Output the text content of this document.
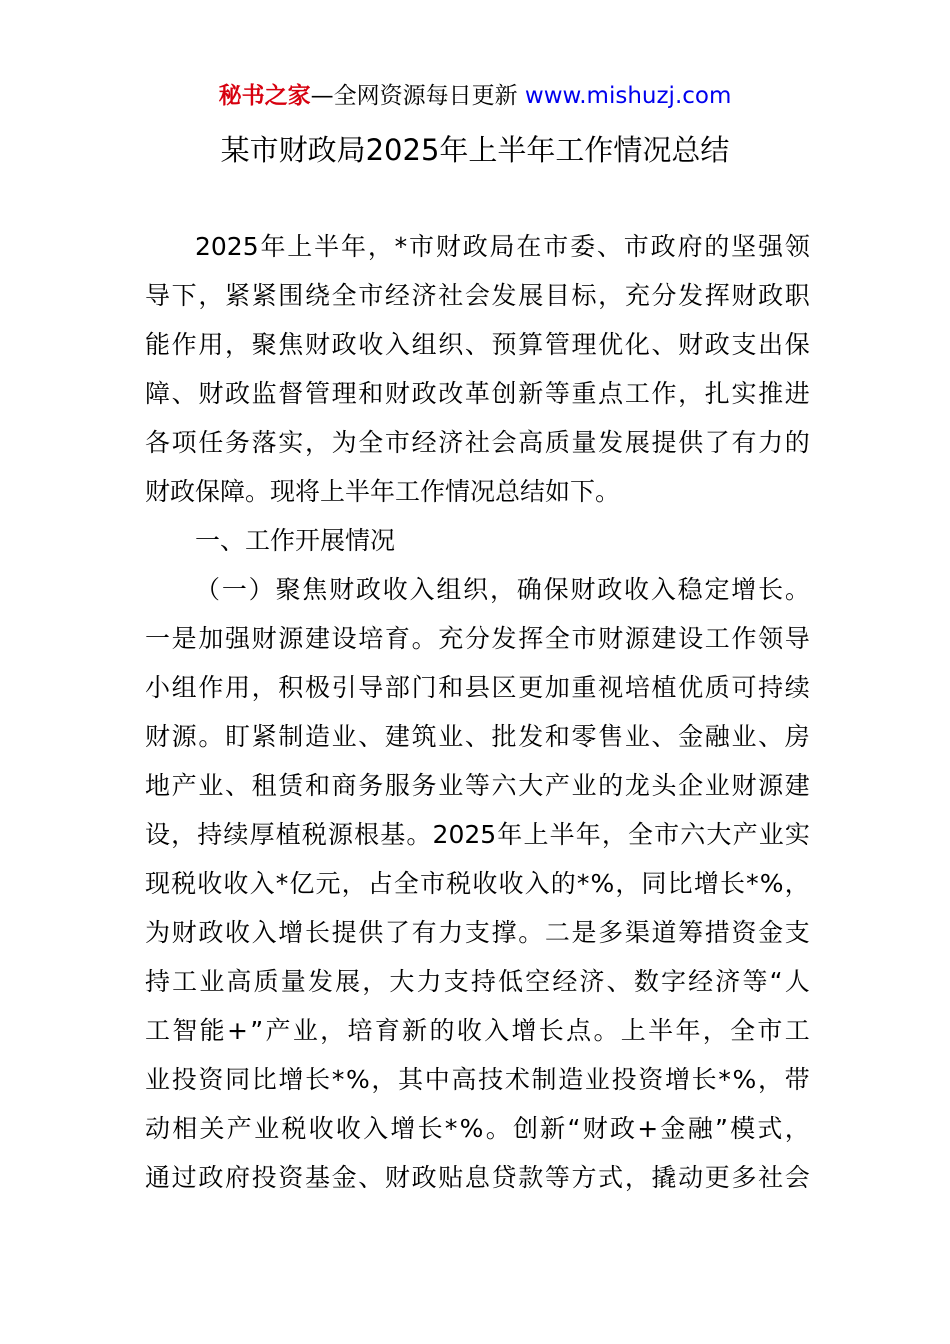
秘书之家—全网资源每日更新 www.mishuzj.com
某市财政局2025年上半年工作情况总结
2025 年 上 半 年 ， * 市 财 政 局 在 市 委 、 市 政 府 的 坚 强 领
导 下 ， 紧 紧 围 绕 全 市 经 济 社 会 发 展 目 标 ， 充 分 发 挥 财 政 职
能 作 用 ， 聚 焦 财 政 收 入 组 织 、 预 算 管 理 优 化 、 财 政 支 出 保
障 、 财 政 监 督 管 理 和 财 政 改 革 创 新 等 重 点 工 作 ， 扎 实 推 进
各 项 任 务 落 实 ， 为 全 市 经 济 社 会 高 质 量 发 展 提 供 了 有 力 的
财政保障。现将上半年工作情况总结如下。
一、工作开展情况
（ 一 ） 聚 焦 财 政 收 入 组 织 ， 确 保 财 政 收 入 稳 定 增 长 。
一 是 加 强 财 源 建 设 培 育 。 充 分 发 挥 全 市 财 源 建 设 工 作 领 导
小 组 作 用 ， 积 极 引 导 部 门 和 县 区 更 加 重 视 培 植 优 质 可 持 续
财 源 。 盯 紧 制 造 业 、 建 筑 业 、 批 发 和 零 售 业 、 金 融 业 、 房
地 产 业 、 租 赁 和 商 务 服 务 业 等 六 大 产 业 的 龙 头 企 业 财 源 建
设 ， 持 续 厚 植 税 源 根 基 。 2025 年 上 半 年 ， 全 市 六 大 产 业 实
现 税 收 收 入 * 亿 元 ， 占 全 市 税 收 收 入 的 * % ， 同 比 增 长 * % ，
为 财 政 收 入 增 长 提 供 了 有 力 支 撑 。 二 是 多 渠 道 筹 措 资 金 支
持 工 业 高 质 量 发 展 ， 大 力 支 持 低 空 经 济 、 数 字 经 济 等 “ 人
工 智 能 + ” 产 业 ， 培 育 新 的 收 入 增 长 点 。 上 半 年 ， 全 市 工
业 投 资 同 比 增 长 * % ， 其 中 高 技 术 制 造 业 投 资 增 长 * % ， 带
动 相 关 产 业 税 收 收 入 增 长 * % 。 创 新 “ 财 政 + 金 融 ” 模 式 ，
通 过 政 府 投 资 基 金 、 财 政 贴 息 贷 款 等 方 式 ， 撬 动 更 多 社 会
